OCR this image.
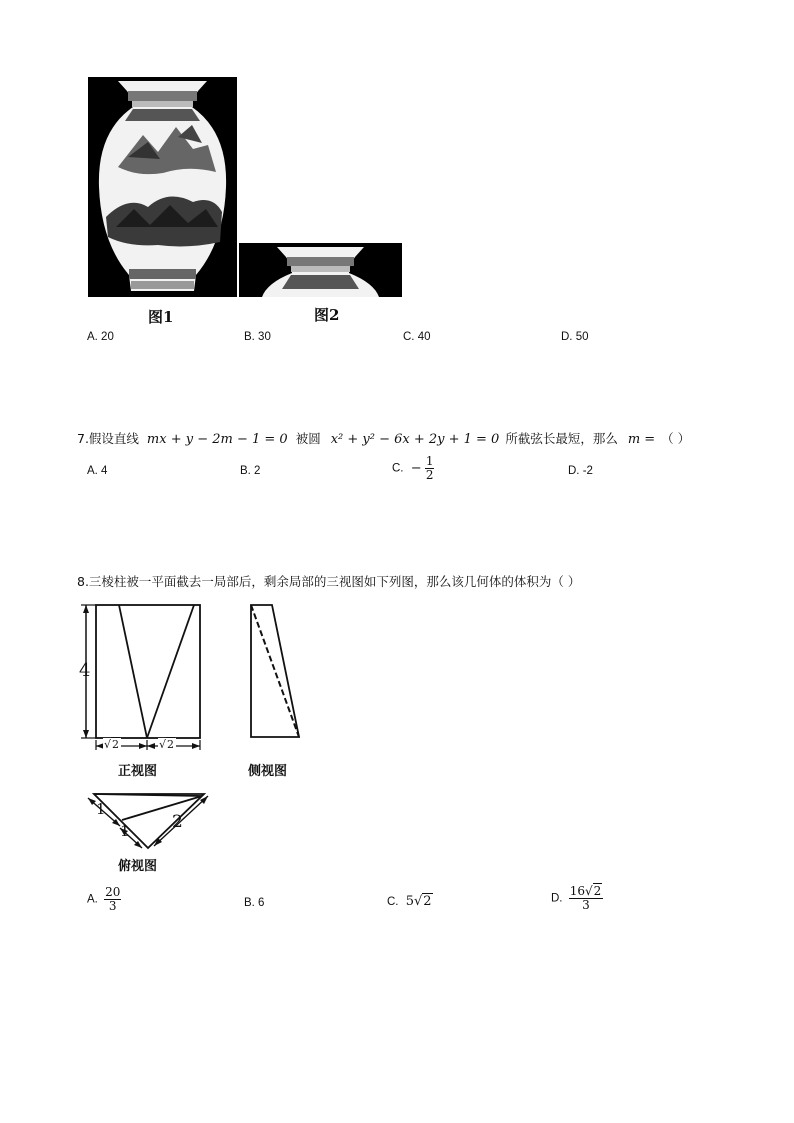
图1	图2
A. 20	B. 30	C. 40	D. 50
7.假设直线 mx + y − 2m − 1 = 0 被圆 x² + y² − 6x + 2y + 1 = 0 所截弦长最短，那么 m = （ ）
A. 4	B. 2	C. − $\frac{1}{2}$	D. -2
8.三棱柱被一平面截去一局部后，剩余局部的三视图如下列图，那么该几何体的体积为（ ）
4
√2	√2
正视图	侧视图
1
1 2
俯视图
A. $\frac{20}{3}$	B. 6	C. 5√2	D. $\frac{16√2}{3}$
